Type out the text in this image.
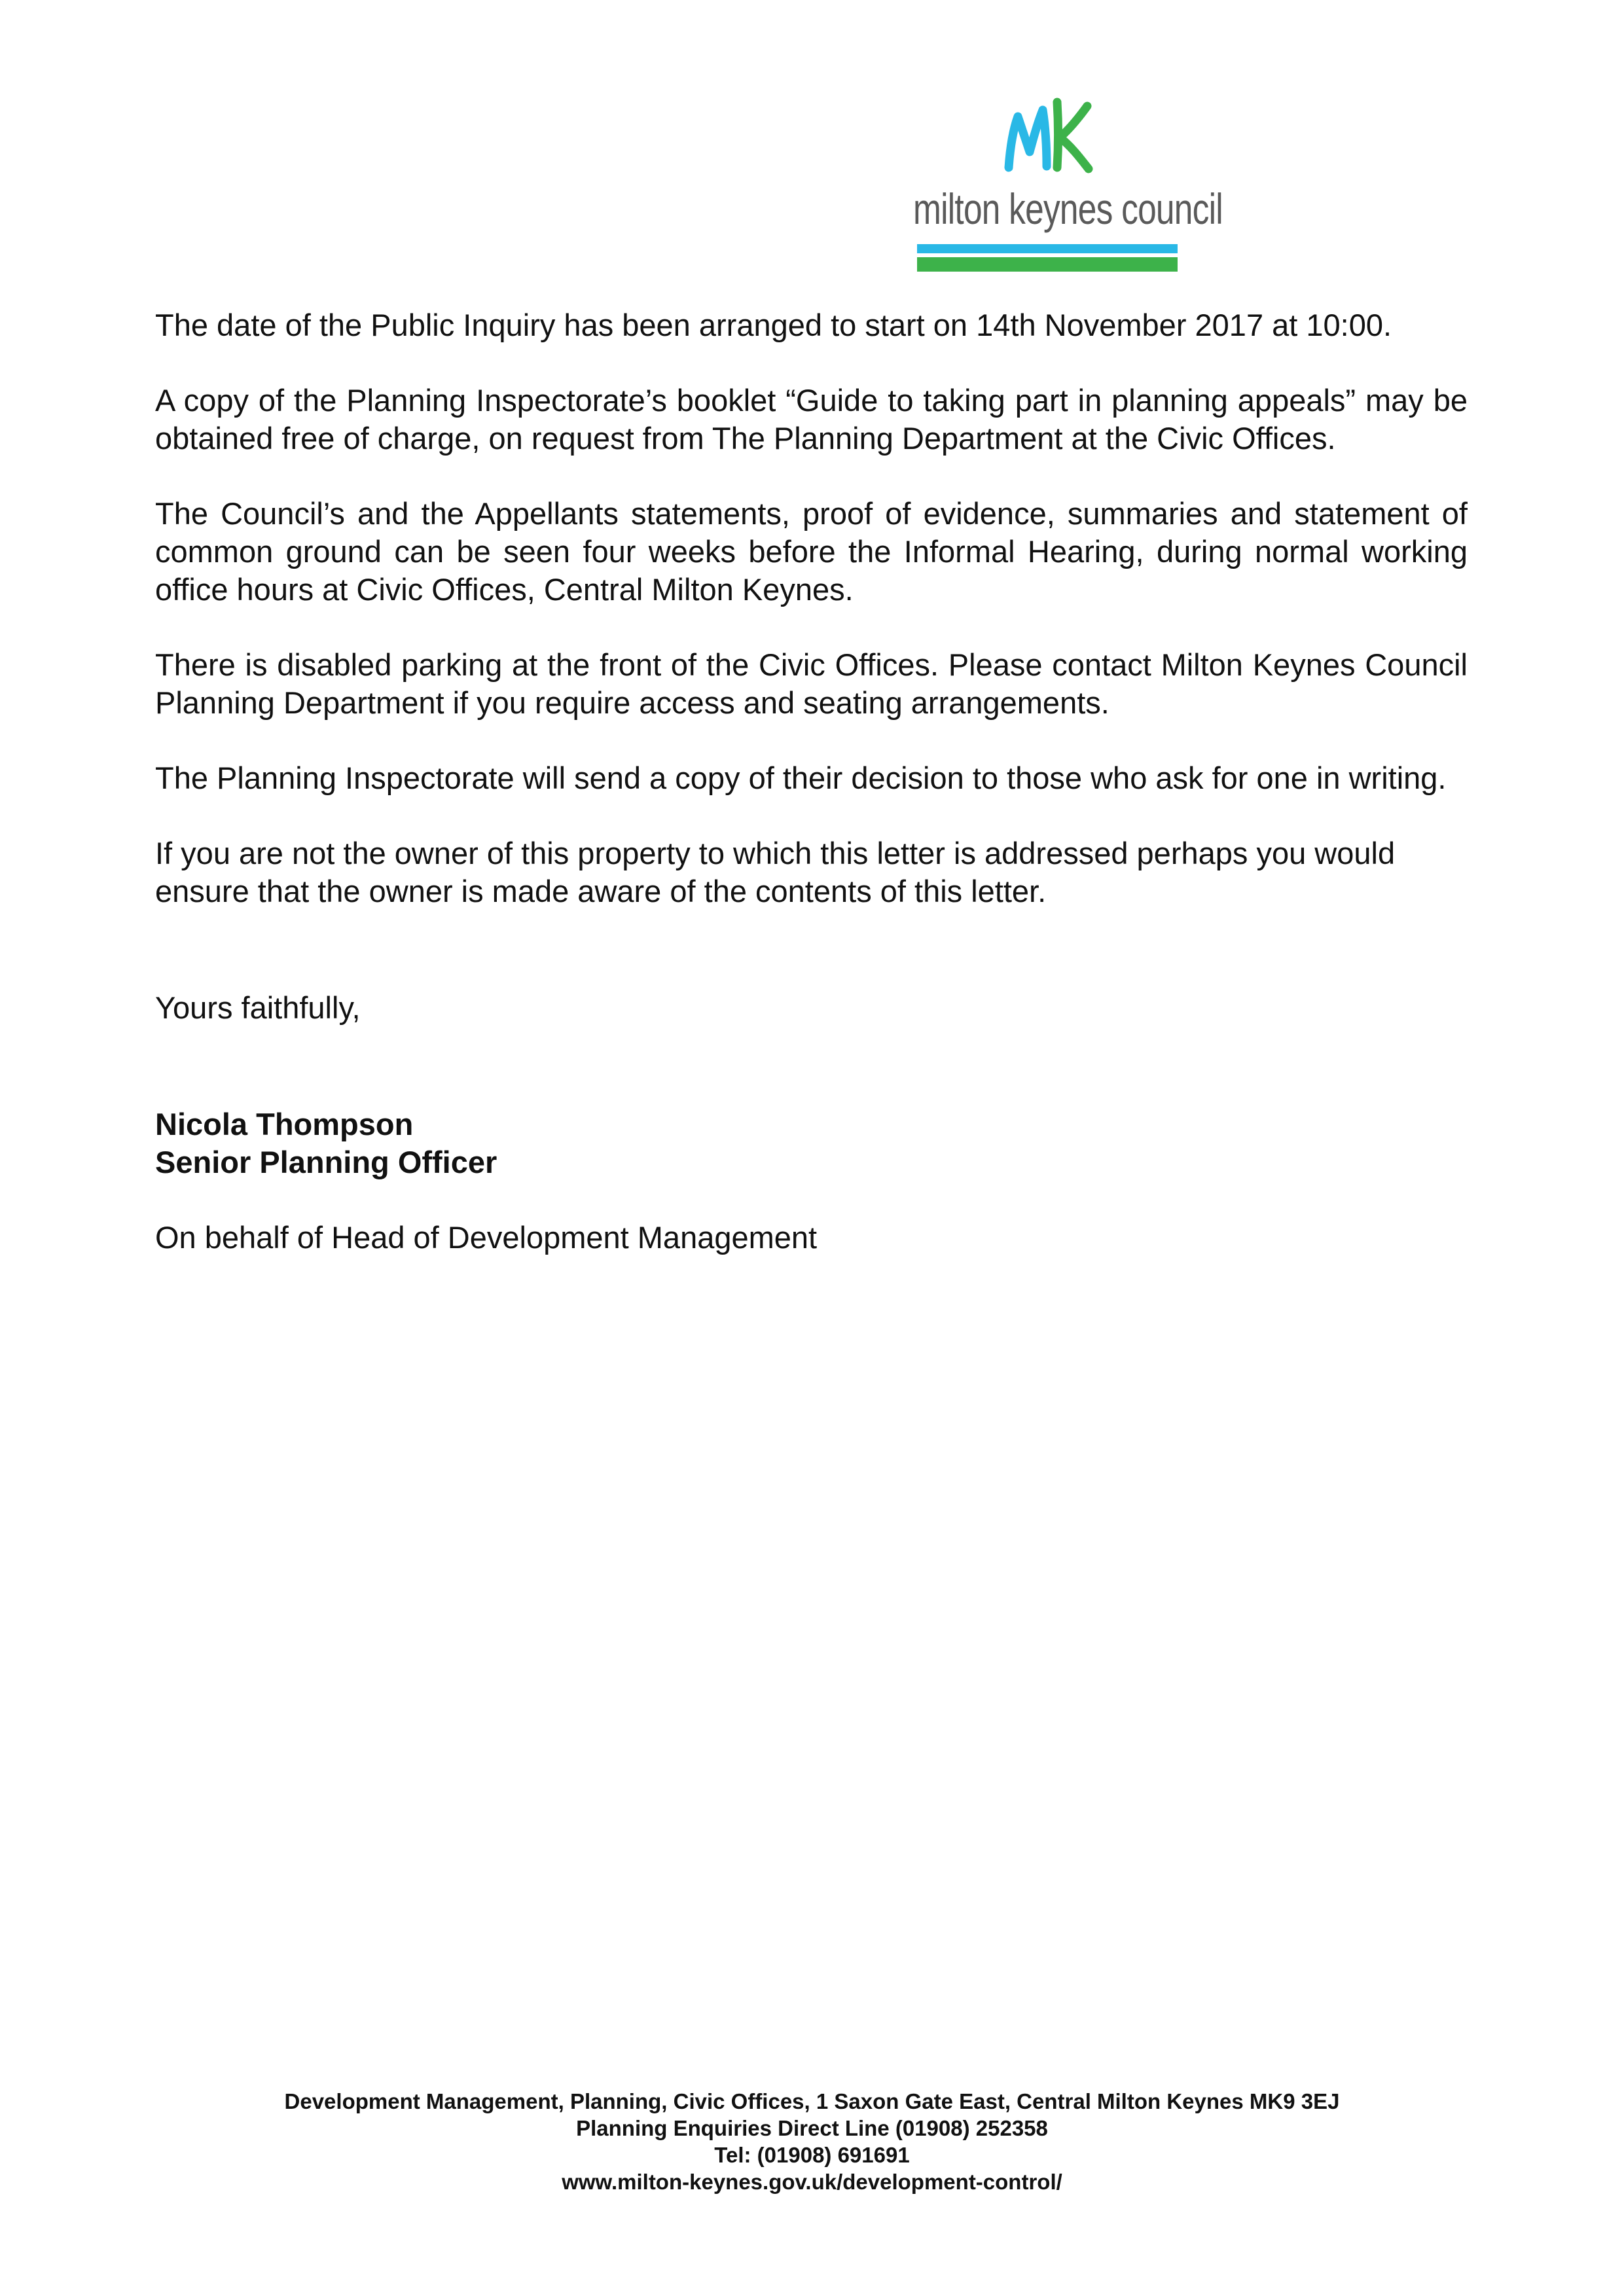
milton keynes council

The date of the Public Inquiry has been arranged to start on 14th November 2017 at 10:00.

A copy of the Planning Inspectorate’s booklet “Guide to taking part in planning appeals” may be obtained free of charge, on request from The Planning Department at the Civic Offices.

The Council’s and the Appellants statements, proof of evidence, summaries and statement of common ground can be seen four weeks before the Informal Hearing, during normal working office hours at Civic Offices, Central Milton Keynes.

There is disabled parking at the front of the Civic Offices. Please contact Milton Keynes Council Planning Department if you require access and seating arrangements.

The Planning Inspectorate will send a copy of their decision to those who ask for one in writing.

If you are not the owner of this property to which this letter is addressed perhaps you would ensure that the owner is made aware of the contents of this letter.

Yours faithfully,

Nicola Thompson

Senior Planning Officer

On behalf of Head of Development Management

Development Management, Planning, Civic Offices, 1 Saxon Gate East, Central Milton Keynes MK9 3EJ
Planning Enquiries Direct Line (01908) 252358
Tel: (01908) 691691
www.milton-keynes.gov.uk/development-control/
